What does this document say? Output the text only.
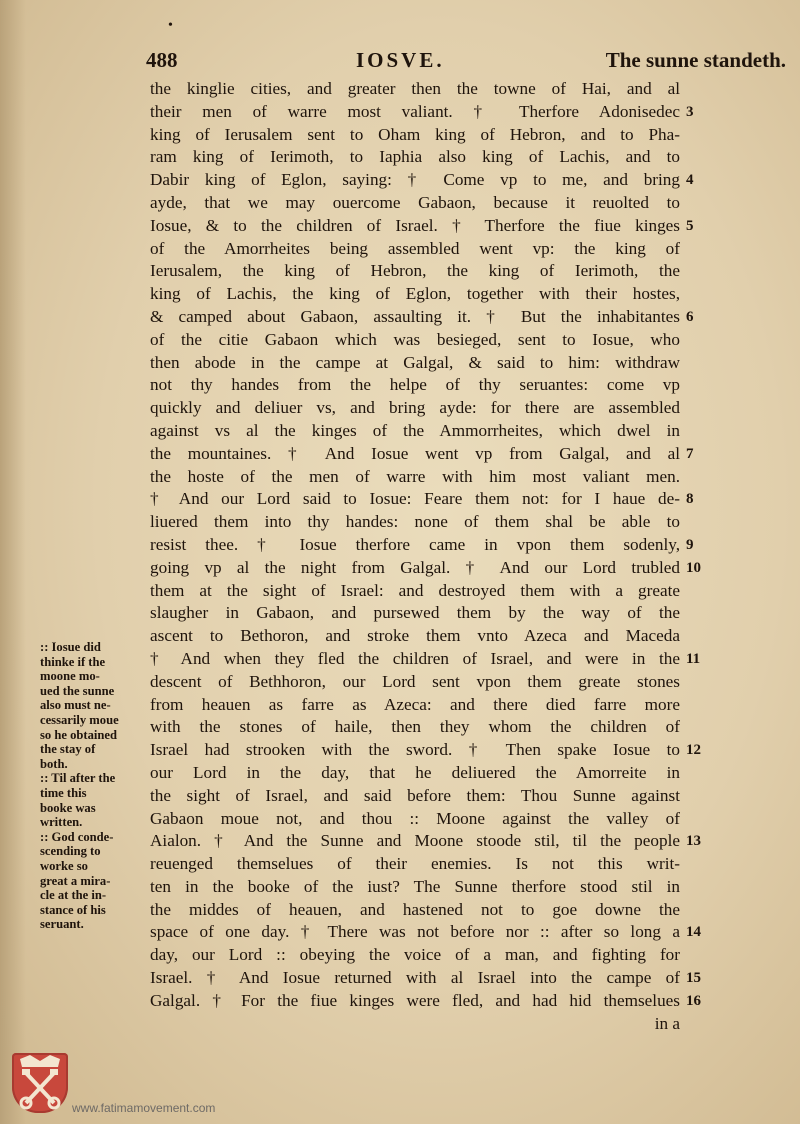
•
488	IOSVE.	The sunne standeth.
the kinglie cities, and greater then the towne of Hai, and al
their men of warre most valiant. † Therfore Adonisedec
king of Ierusalem sent to Oham king of Hebron, and to Pha-
ram king of Ierimoth, to Iaphia also king of Lachis, and to
Dabir king of Eglon, saying: † Come vp to me, and bring
ayde, that we may ouercome Gabaon, because it reuolted to
Iosue, & to the children of Israel. † Therfore the fiue kinges
of the Amorrheites being assembled went vp: the king of
Ierusalem, the king of Hebron, the king of Ierimoth, the
king of Lachis, the king of Eglon, together with their hostes,
& camped about Gabaon, assaulting it. † But the inhabitantes
of the citie Gabaon which was besieged, sent to Iosue, who
then abode in the campe at Galgal, & said to him: withdraw
not thy handes from the helpe of thy seruantes: come vp
quickly and deliuer vs, and bring ayde: for there are assembled
against vs al the kinges of the Ammorrheites, which dwel in
the mountaines. † And Iosue went vp from Galgal, and al
the hoste of the men of warre with him most valiant men.
† And our Lord said to Iosue: Feare them not: for I haue de-
liuered them into thy handes: none of them shal be able to
resist thee. † Iosue therfore came in vpon them sodenly,
going vp al the night from Galgal. † And our Lord trubled
them at the sight of Israel: and destroyed them with a greate
slaugher in Gabaon, and pursewed them by the way of the
ascent to Bethoron, and stroke them vnto Azeca and Maceda
† And when they fled the children of Israel, and were in the
descent of Bethhoron, our Lord sent vpon them greate stones
from heauen as farre as Azeca: and there died farre more
with the stones of haile, then they whom the children of
Israel had strooken with the sword. † Then spake Iosue to
our Lord in the day, that he deliuered the Amorreite in
the sight of Israel, and said before them: Thou Sunne against
Gabaon moue not, and thou :: Moone against the valley of
Aialon. † And the Sunne and Moone stoode stil, til the people
reuenged themselues of their enemies. Is not this writ-
ten in the booke of the iust? The Sunne therfore stood stil in
the middes of heauen, and hastened not to goe downe the
space of one day. † There was not before nor :: after so long a
day, our Lord :: obeying the voice of a man, and fighting for
Israel. † And Iosue returned with al Israel into the campe of
Galgal. † For the fiue kinges were fled, and had hid themselues
in a
3
4
5
6
7
8
9
10
11
12
13
14
15
16
:: Iosue did
thinke if the
moone mo-
ued the sunne
also must ne-
cessarily moue
so he obtained
the stay of
both.
:: Til after the
time this
booke was
written.
:: God conde-
scending to
worke so
great a mira-
cle at the in-
stance of his
seruant.
www.fatimamovement.com
